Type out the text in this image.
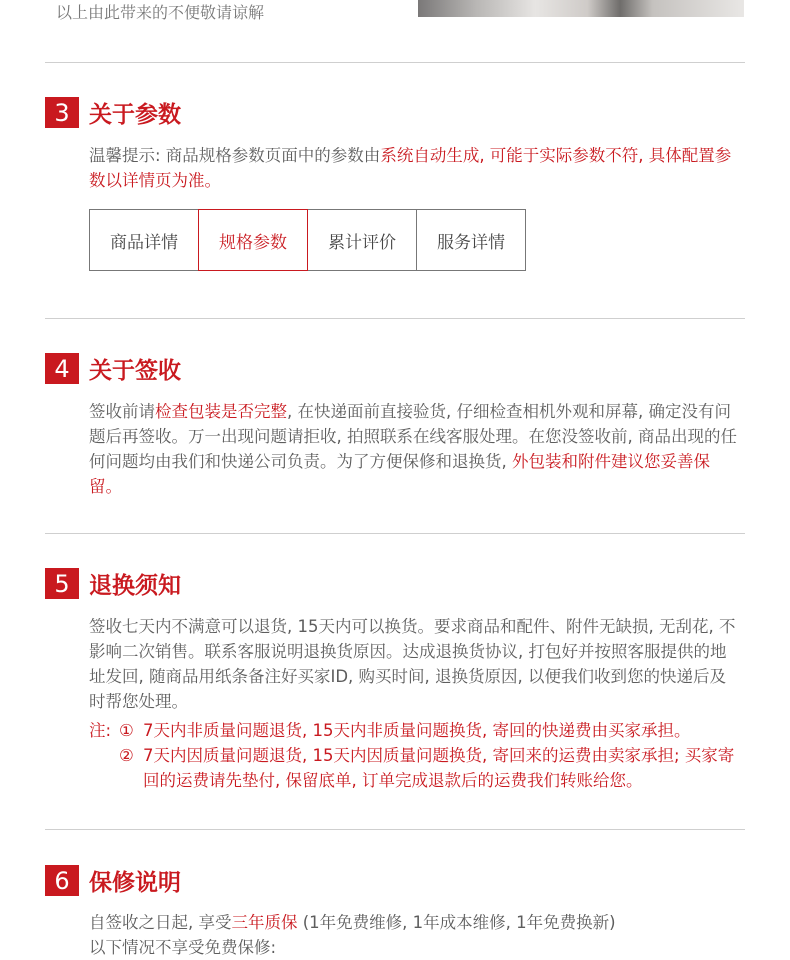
以上由此带来的不便敬请谅解
3 关于参数

温馨提示: 商品规格参数页面中的参数由系统自动生成, 可能于实际参数不符, 具体配置参数以详情页为准。

商品详情	规格参数	累计评价	服务详情
4 关于签收

签收前请检查包装是否完整, 在快递面前直接验货, 仔细检查相机外观和屏幕, 确定没有问题后再签收。万一出现问题请拒收, 拍照联系在线客服处理。在您没签收前, 商品出现的任何问题均由我们和快递公司负责。为了方便保修和退换货, 外包装和附件建议您妥善保留。

5 退换须知

签收七天内不满意可以退货, 15天内可以换货。要求商品和配件、附件无缺损, 无刮花, 不影响二次销售。联系客服说明退换货原因。达成退换货协议, 打包好并按照客服提供的地址发回, 随商品用纸条备注好买家ID, 购买时间, 退换货原因, 以便我们收到您的快递后及时帮您处理。

注: ① 7天内非质量问题退货, 15天内非质量问题换货, 寄回的快递费由买家承担。
② 7天内因质量问题退货, 15天内因质量问题换货, 寄回来的运费由卖家承担; 买家寄回的运费请先垫付, 保留底单, 订单完成退款后的运费我们转账给您。
6 保修说明

自签收之日起, 享受三年质保 (1年免费维修, 1年成本维修, 1年免费换新)
以下情况不享受免费保修:
